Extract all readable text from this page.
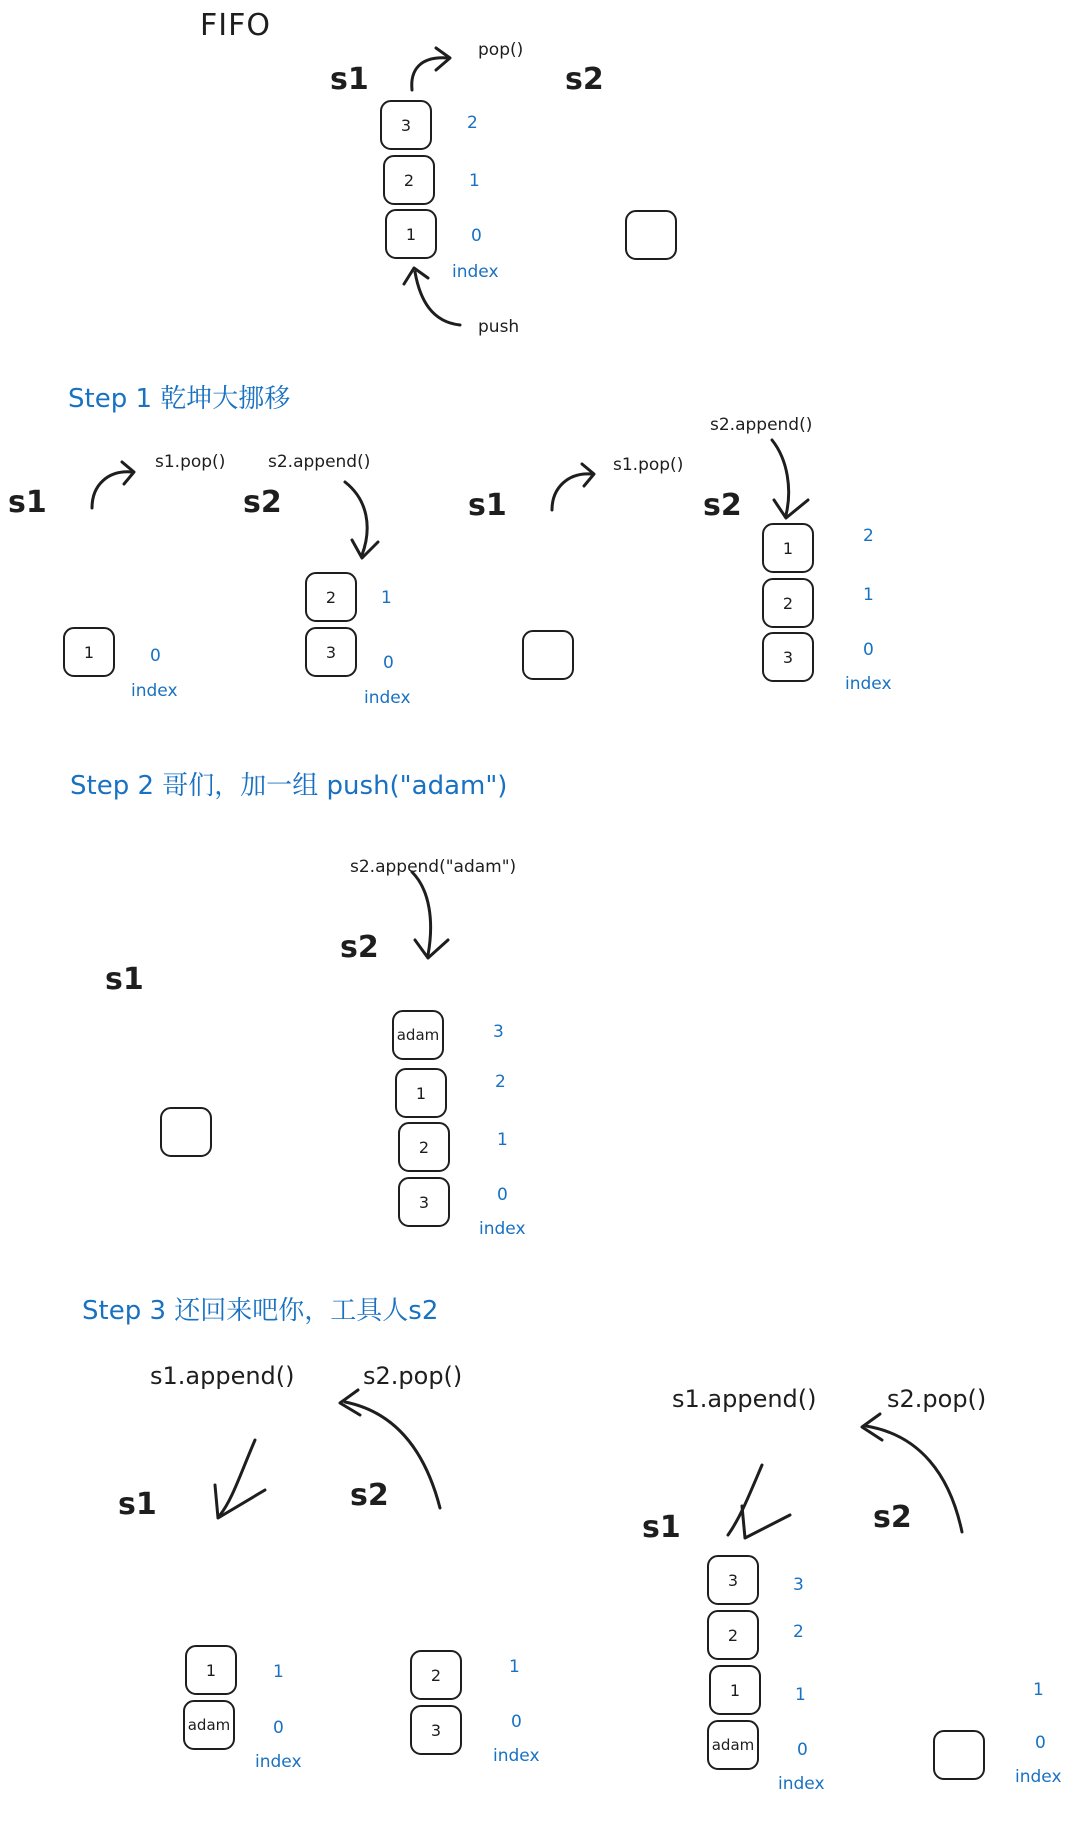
FIFO
s1	s2
pop()
push
3
2
1
2
1
0
index
Step 1 乾坤大挪移
s1	s2
s1.pop()	s2.append()
1	0
index
2
3
1
0
index
s1	s2
s1.pop()
s2.append()
1
2
3
2
1
0
index
Step 2 哥们，加一组 push("adam")
s1
s2
s2.append("adam")
adam
1
2
3
3
2
1
0
index
Step 3 还回来吧你，工具人s2
s1.append()	s2.pop()
s1	s2
1
adam
1
0
index
2
3
1
0
index
s1.append()	s2.pop()
s1	s2
3
2
1
adam
3
2
1
0
index
1
0
index
